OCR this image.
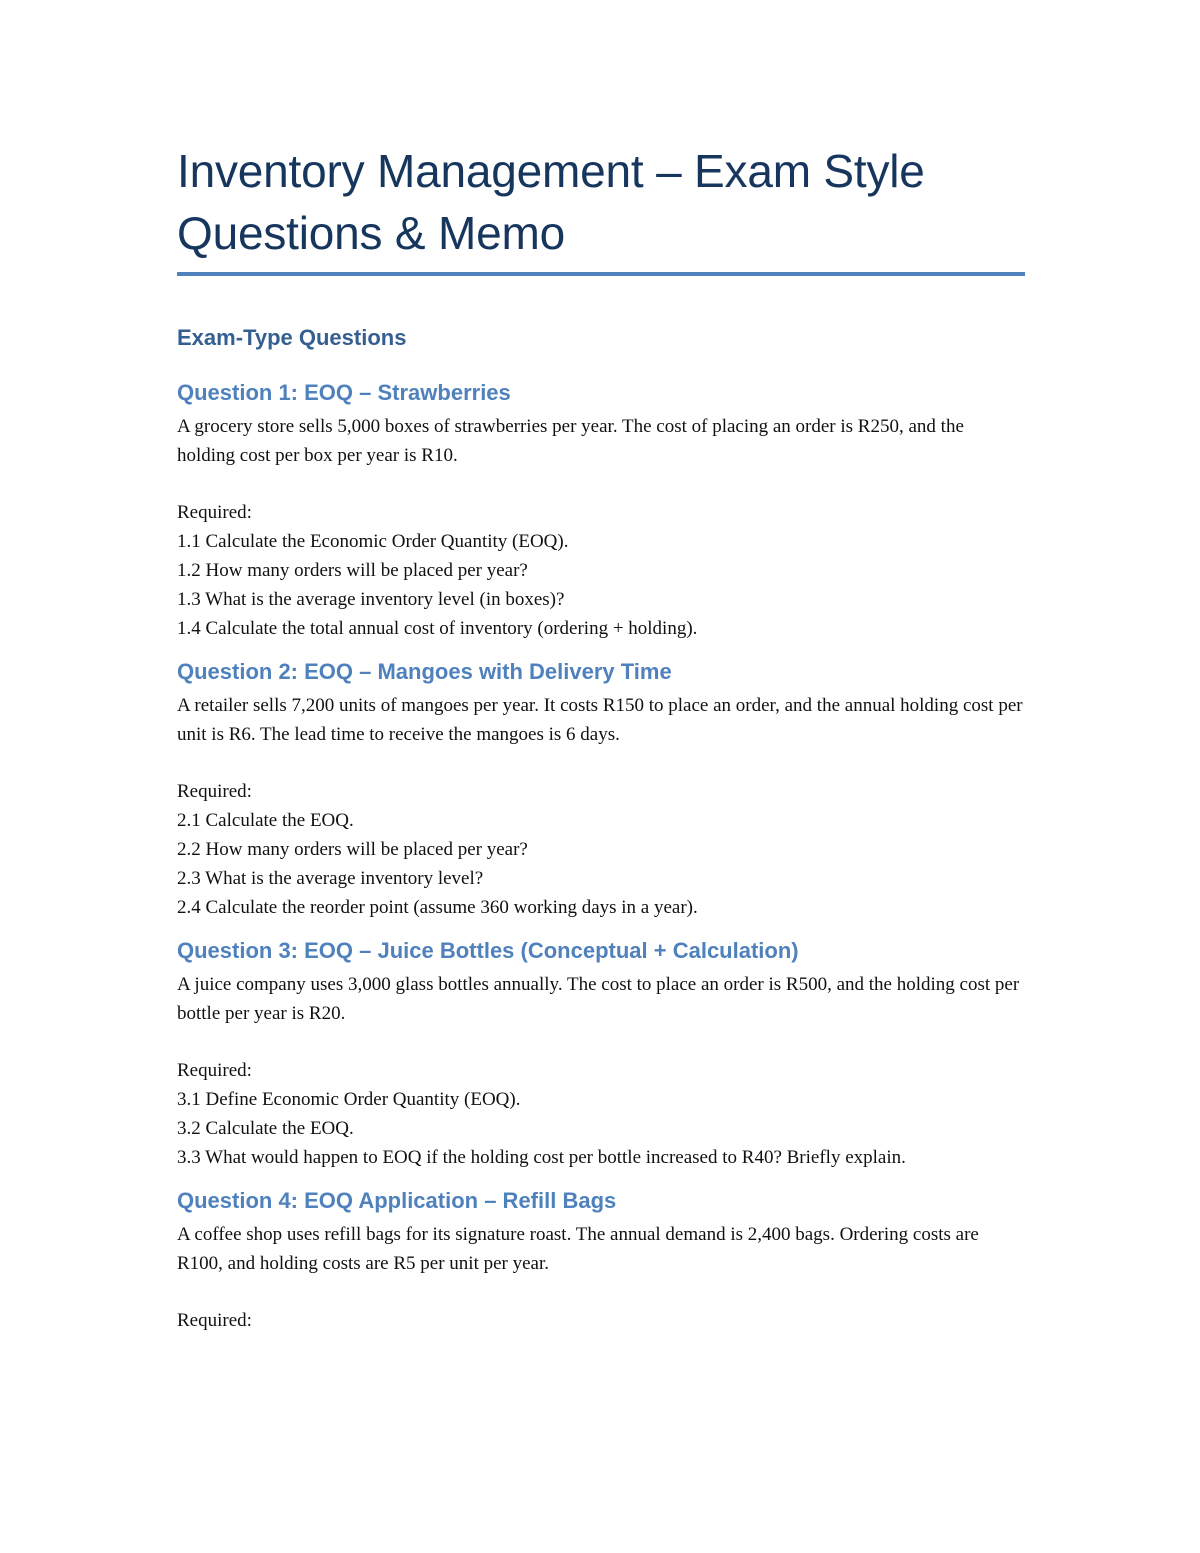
Inventory Management – Exam Style Questions & Memo
Exam-Type Questions
Question 1: EOQ – Strawberries

A grocery store sells 5,000 boxes of strawberries per year. The cost of placing an order is R250, and the holding cost per box per year is R10.

Required:

1.1 Calculate the Economic Order Quantity (EOQ).
1.2 How many orders will be placed per year?
1.3 What is the average inventory level (in boxes)?
1.4 Calculate the total annual cost of inventory (ordering + holding).
Question 2: EOQ – Mangoes with Delivery Time

A retailer sells 7,200 units of mangoes per year. It costs R150 to place an order, and the annual holding cost per unit is R6. The lead time to receive the mangoes is 6 days.

Required:

2.1 Calculate the EOQ.
2.2 How many orders will be placed per year?
2.3 What is the average inventory level?
2.4 Calculate the reorder point (assume 360 working days in a year).
Question 3: EOQ – Juice Bottles (Conceptual + Calculation)

A juice company uses 3,000 glass bottles annually. The cost to place an order is R500, and the holding cost per bottle per year is R20.

Required:

3.1 Define Economic Order Quantity (EOQ).
3.2 Calculate the EOQ.
3.3 What would happen to EOQ if the holding cost per bottle increased to R40? Briefly explain.
Question 4: EOQ Application – Refill Bags

A coffee shop uses refill bags for its signature roast. The annual demand is 2,400 bags. Ordering costs are R100, and holding costs are R5 per unit per year.

Required:
